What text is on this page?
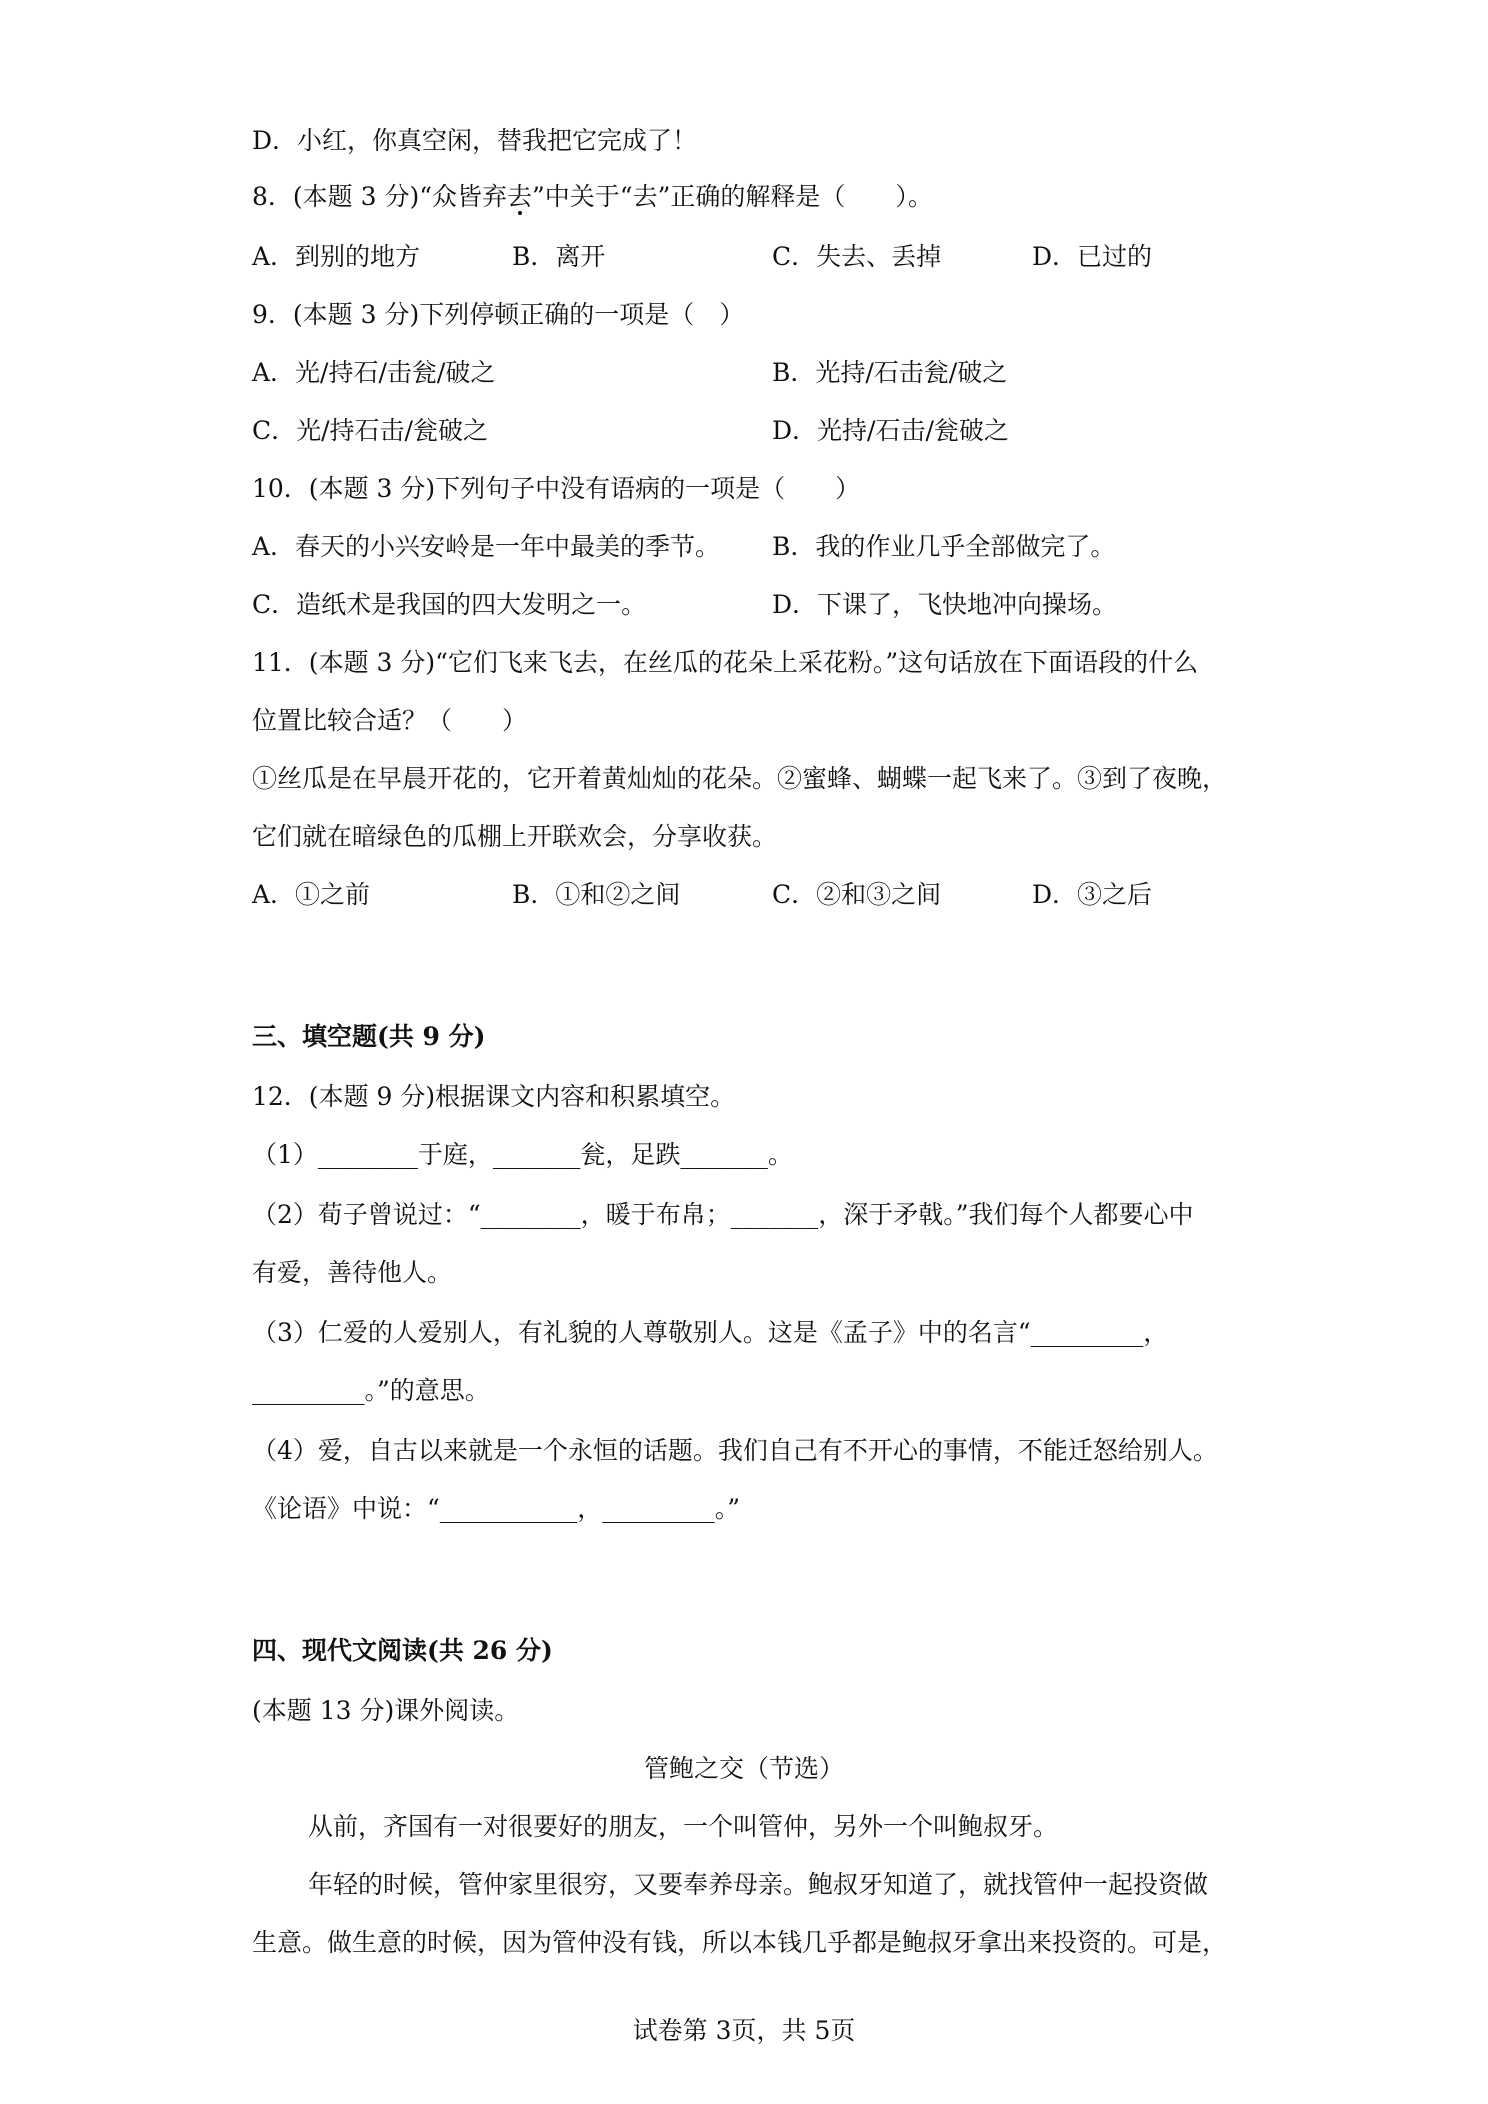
D．小红，你真空闲，替我把它完成了！
8．(本题 3 分)“众皆弃去”中关于“去”正确的解释是（　　）。
A．到别的地方	B．离开	C．失去、丢掉	D．已过的
9．(本题 3 分)下列停顿正确的一项是（　）
A．光/持石/击瓮/破之	B．光持/石击瓮/破之
C．光/持石击/瓮破之	D．光持/石击/瓮破之
10．(本题 3 分)下列句子中没有语病的一项是（　　）
A．春天的小兴安岭是一年中最美的季节。 B．我的作业几乎全部做完了。
C．造纸术是我国的四大发明之一。	D．下课了，飞快地冲向操场。
11．(本题 3 分)“它们飞来飞去，在丝瓜的花朵上采花粉。”这句话放在下面语段的什么
位置比较合适？（　　）
①丝瓜是在早晨开花的，它开着黄灿灿的花朵。②蜜蜂、蝴蝶一起飞来了。③到了夜晚，
它们就在暗绿色的瓜棚上开联欢会，分享收获。
A．①之前	B．①和②之间	C．②和③之间	D．③之后
三、填空题(共 9 分)
12．(本题 9 分)根据课文内容和积累填空。
（1）________于庭，_______瓮，足跌_______。
（2）荀子曾说过：“________，暖于布帛；_______，深于矛戟。”我们每个人都要心中
有爱，善待他人。
（3）仁爱的人爱别人，有礼貌的人尊敬别人。这是《孟子》中的名言“_________，
_________。”的意思。
（4）爱，自古以来就是一个永恒的话题。我们自己有不开心的事情，不能迁怒给别人。
《论语》中说：“___________，_________。”
四、现代文阅读(共 26 分)
(本题 13 分)课外阅读。
管鲍之交（节选）
从前，齐国有一对很要好的朋友，一个叫管仲，另外一个叫鲍叔牙。
年轻的时候，管仲家里很穷，又要奉养母亲。鲍叔牙知道了，就找管仲一起投资做
生意。做生意的时候，因为管仲没有钱，所以本钱几乎都是鲍叔牙拿出来投资的。可是，
试卷第 3页，共 5页
